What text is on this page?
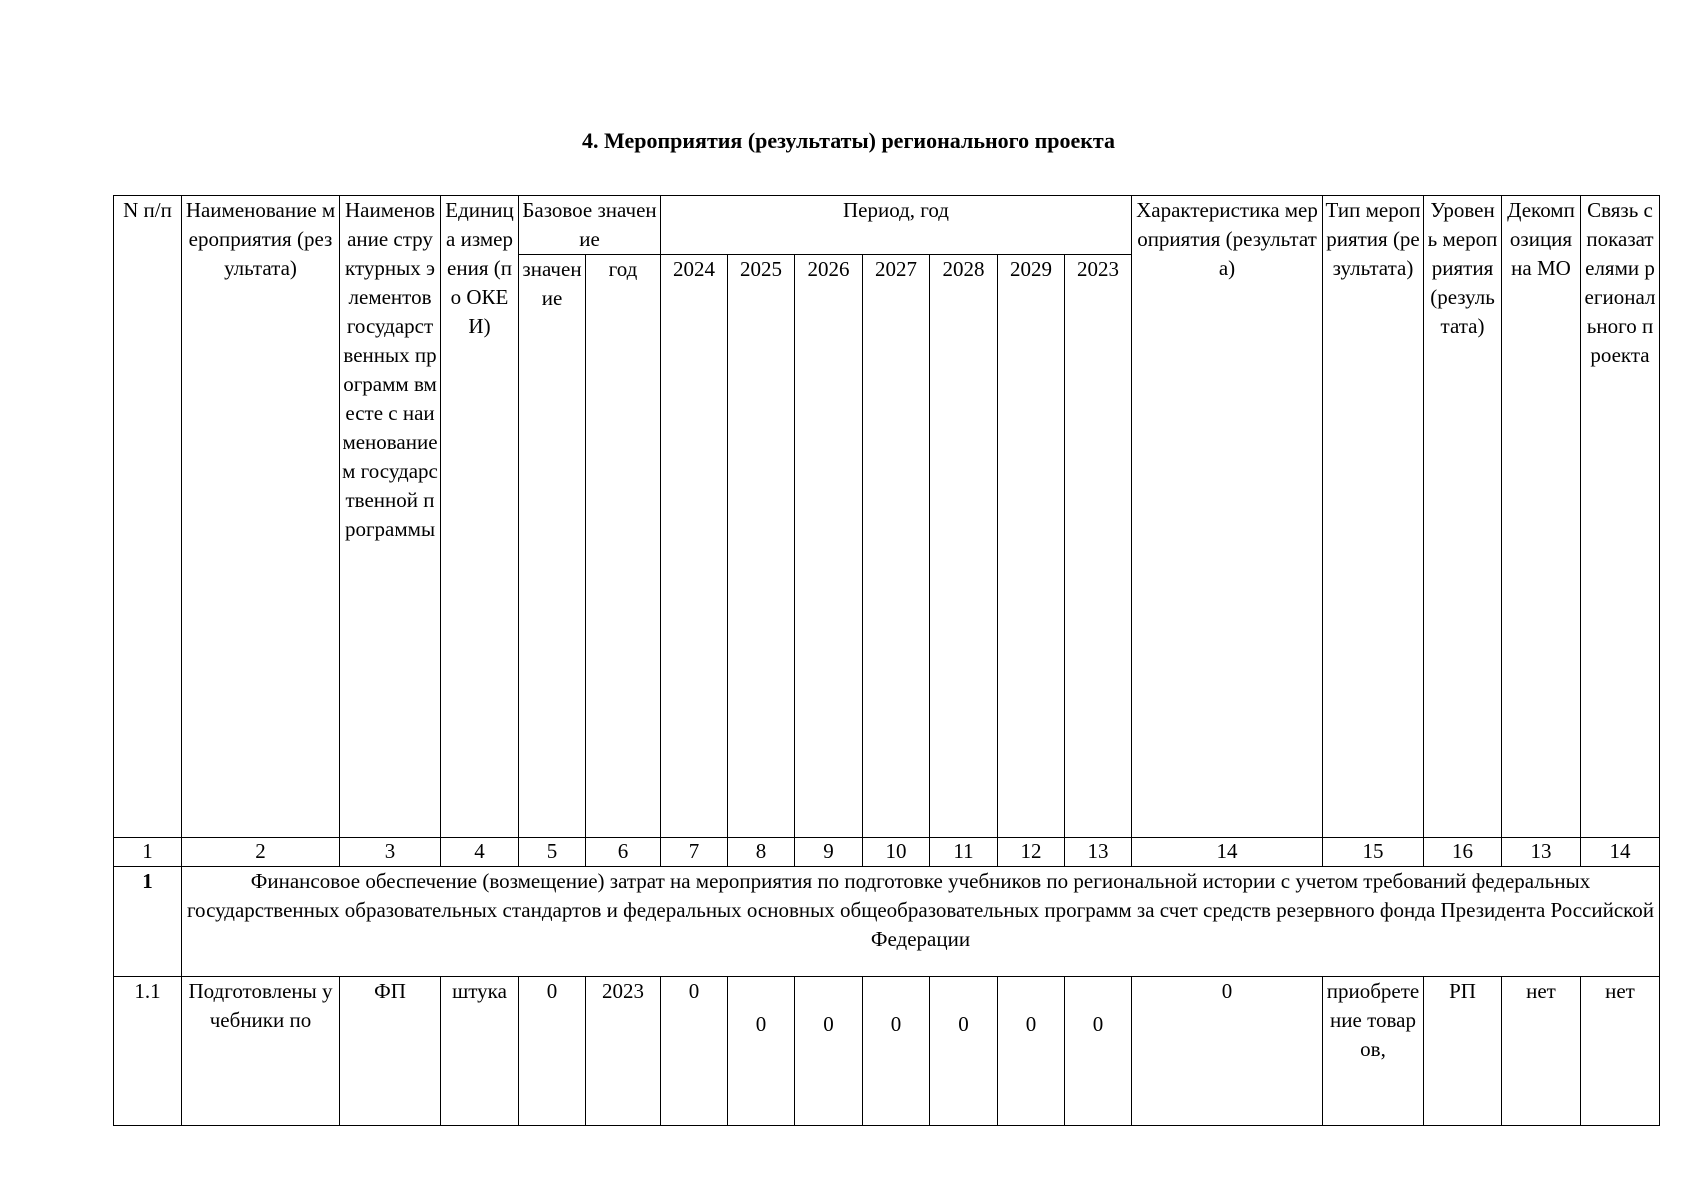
4. Мероприятия (результаты) регионального проекта
N п/п	Наименование мероприятия (результата)	Наименование структурных элементов государственных программ вместе с наименованием государственной программы	Единица измерения (по ОКЕИ)	Базовое значение		Период, год							Характеристика мероприятия (результата)	Тип мероприятия (результата)	Уровень мероприятия (результата)	Декомпозиция на МО	Связь с показателями регионального проекта

				значение	год	2024	2025	2026	2027	2028	2029	2023					

1	2	3	4	5	6	7	8	9	10	11	12	13	14	15	16	13	14
1	Финансовое обеспечение (возмещение) затрат на мероприятия по подготовке учебников по региональной истории с учетом требований федеральных государственных образовательных стандартов и федеральных основных общеобразовательных программ за счет средств резервного фонда Президента Российской Федерации																
1.1	Подготовлены учебники по	ФП	штука	0	2023	0	0	0	0	0	0	0	0	приобретение товаров,	РП	нет	нет
